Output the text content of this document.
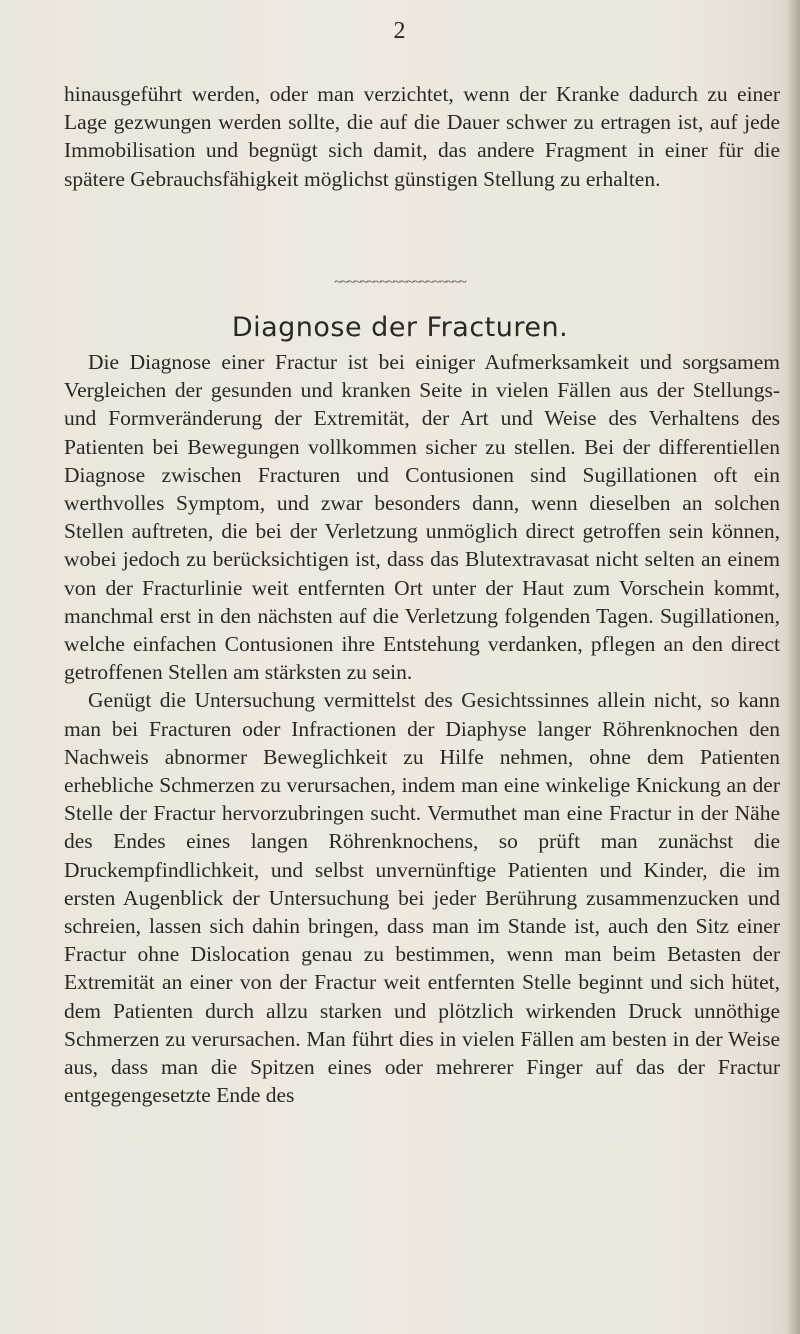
2

hinausgeführt werden, oder man verzichtet, wenn der Kranke dadurch zu einer Lage gezwungen werden sollte, die auf die Dauer schwer zu ertragen ist, auf jede Immobilisation und begnügt sich damit, das andere Fragment in einer für die spätere Gebrauchsfähigkeit möglichst günstigen Stellung zu erhalten.

~~~~~~~~~~~~~~~~~~~~
Diagnose der Fracturen.

Die Diagnose einer Fractur ist bei einiger Aufmerksamkeit und sorgsamem Vergleichen der gesunden und kranken Seite in vielen Fällen aus der Stellungs- und Formveränderung der Extremität, der Art und Weise des Verhaltens des Patienten bei Bewegungen vollkommen sicher zu stellen. Bei der differentiellen Diagnose zwischen Fracturen und Contusionen sind Sugillationen oft ein werthvolles Symptom, und zwar besonders dann, wenn dieselben an solchen Stellen auftreten, die bei der Verletzung unmöglich direct getroffen sein können, wobei jedoch zu berücksichtigen ist, dass das Blutextravasat nicht selten an einem von der Fracturlinie weit entfernten Ort unter der Haut zum Vorschein kommt, manchmal erst in den nächsten auf die Verletzung folgenden Tagen. Sugillationen, welche einfachen Contusionen ihre Entstehung verdanken, pflegen an den direct getroffenen Stellen am stärksten zu sein.

Genügt die Untersuchung vermittelst des Gesichtssinnes allein nicht, so kann man bei Fracturen oder Infractionen der Diaphyse langer Röhrenknochen den Nachweis abnormer Beweglichkeit zu Hilfe nehmen, ohne dem Patienten erhebliche Schmerzen zu verursachen, indem man eine winkelige Knickung an der Stelle der Fractur hervorzubringen sucht. Vermuthet man eine Fractur in der Nähe des Endes eines langen Röhrenknochens, so prüft man zunächst die Druckempfindlichkeit, und selbst unvernünftige Patienten und Kinder, die im ersten Augenblick der Untersuchung bei jeder Berührung zusammenzucken und schreien, lassen sich dahin bringen, dass man im Stande ist, auch den Sitz einer Fractur ohne Dislocation genau zu bestimmen, wenn man beim Betasten der Extremität an einer von der Fractur weit entfernten Stelle beginnt und sich hütet, dem Patienten durch allzu starken und plötzlich wirkenden Druck unnöthige Schmerzen zu verursachen. Man führt dies in vielen Fällen am besten in der Weise aus, dass man die Spitzen eines oder mehrerer Finger auf das der Fractur entgegengesetzte Ende des
